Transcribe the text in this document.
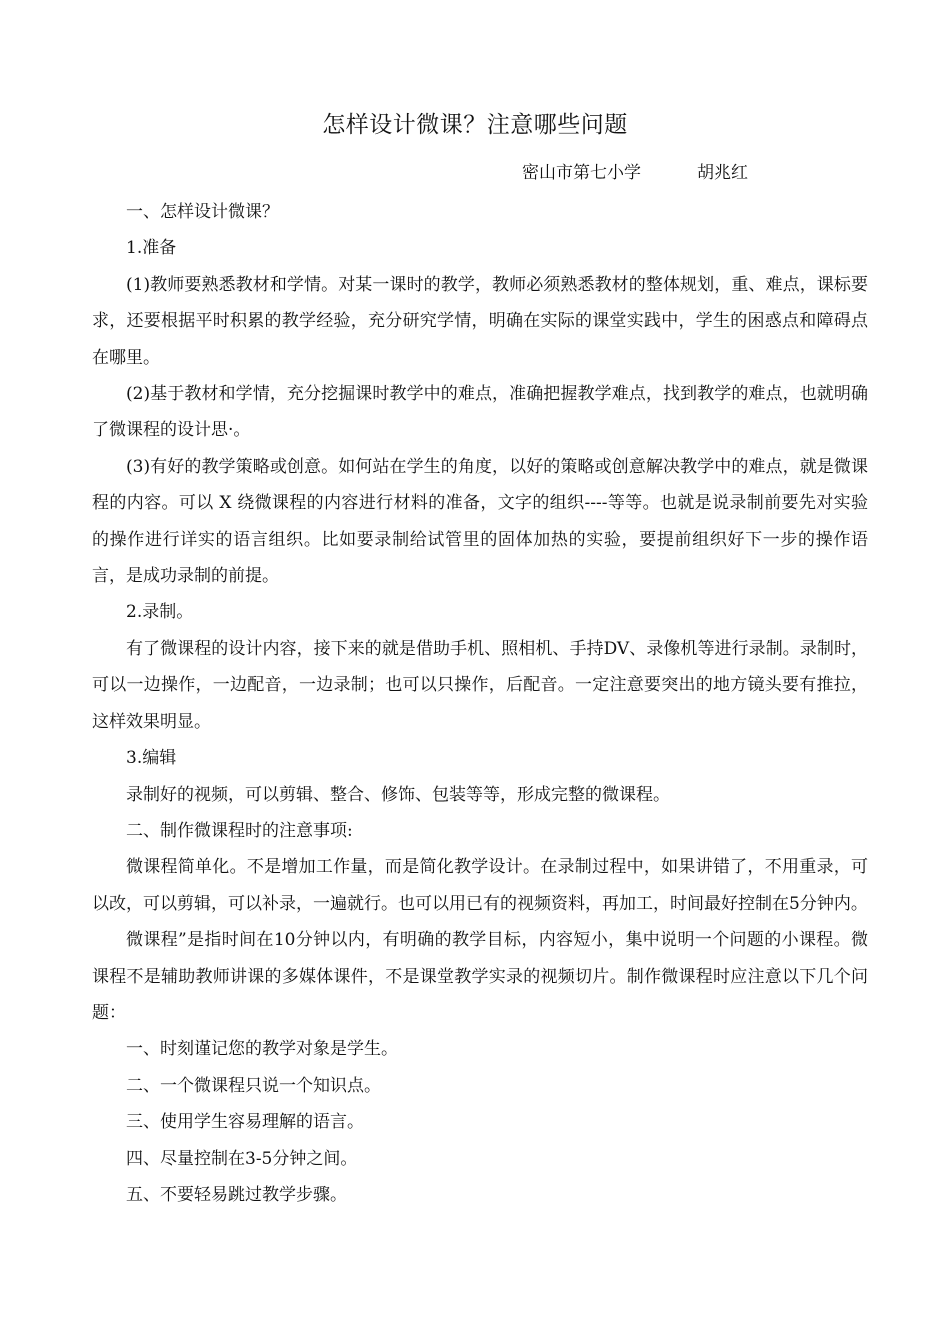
怎样设计微课？注意哪些问题
密山市第七小学	胡兆红

一、怎样设计微课？

1.准备

(1)教师要熟悉教材和学情。对某一课时的教学，教师必须熟悉教材的整体规划，重、难点，课标要求，还要根据平时积累的教学经验，充分研究学情，明确在实际的课堂实践中，学生的困惑点和障碍点在哪里。

(2)基于教材和学情，充分挖掘课时教学中的难点，准确把握教学难点，找到教学的难点，也就明确了微课程的设计思·。

(3)有好的教学策略或创意。如何站在学生的角度，以好的策略或创意解决教学中的难点，就是微课程的内容。可以 X 绕微课程的内容进行材料的准备，文字的组织----等等。也就是说录制前要先对实验的操作进行详实的语言组织。比如要录制给试管里的固体加热的实验，要提前组织好下一步的操作语言，是成功录制的前提。

2.录制。

有了微课程的设计内容，接下来的就是借助手机、照相机、手持DV、录像机等进行录制。录制时，可以一边操作，一边配音，一边录制；也可以只操作，后配音。一定注意要突出的地方镜头要有推拉，这样效果明显。

3.编辑

录制好的视频，可以剪辑、整合、修饰、包装等等，形成完整的微课程。

二、制作微课程时的注意事项:

微课程简单化。不是增加工作量，而是简化教学设计。在录制过程中，如果讲错了，不用重录，可以改，可以剪辑，可以补录，一遍就行。也可以用已有的视频资料，再加工，时间最好控制在5分钟内。

微课程”是指时间在10分钟以内，有明确的教学目标，内容短小，集中说明一个问题的小课程。微课程不是辅助教师讲课的多媒体课件，不是课堂教学实录的视频切片。制作微课程时应注意以下几个问题：

一、时刻谨记您的教学对象是学生。

二、一个微课程只说一个知识点。

三、使用学生容易理解的语言。

四、尽量控制在3-5分钟之间。

五、不要轻易跳过教学步骤。
